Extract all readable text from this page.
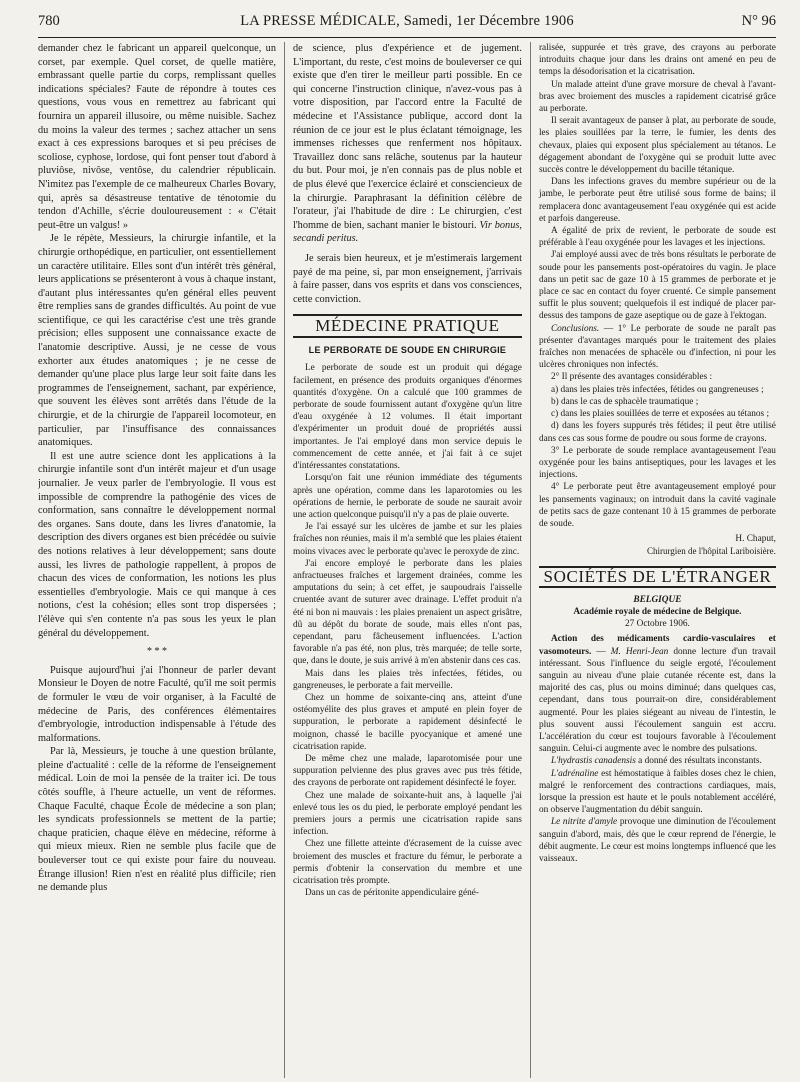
780	LA PRESSE MÉDICALE, Samedi, 1er Décembre 1906	N° 96

demander chez le fabricant un appareil quelconque, un corset, par exemple. Quel corset, de quelle matière, embrassant quelle partie du corps, remplissant quelles indications spéciales? Faute de répondre à toutes ces questions, vous vous en remettrez au fabricant qui fournira un appareil illusoire, ou même nuisible. Sachez du moins la valeur des termes ; sachez attacher un sens exact à ces expressions baroques et si peu précises de scoliose, cyphose, lordose, qui font penser tout d'abord à pluviôse, nivôse, ventôse, du calendrier républicain. N'imitez pas l'exemple de ce malheureux Charles Bovary, qui, après sa désastreuse tentative de ténotomie du tendon d'Achille, s'écrie douloureusement : « C'était peut-être un valgus! »

Je le répète, Messieurs, la chirurgie infantile, et la chirurgie orthopédique, en particulier, ont essentiellement un caractère utilitaire. Elles sont d'un intérêt très général, leurs applications se présenteront à vous à chaque instant, d'autant plus intéressantes qu'en général elles peuvent être remplies sans de grandes difficultés. Au point de vue scientifique, ce qui les caractérise c'est une très grande précision; elles supposent une connaissance exacte de l'anatomie descriptive. Aussi, je ne cesse de vous exhorter aux études anatomiques ; je ne cesse de demander qu'une place plus large leur soit faite dans les programmes de l'enseignement, sachant, par expérience, que souvent les élèves sont arrêtés dans l'étude de la chirurgie, et de la chirurgie de l'appareil locomoteur, en particulier, par l'insuffisance des connaissances anatomiques.

Il est une autre science dont les applications à la chirurgie infantile sont d'un intérêt majeur et d'un usage journalier. Je veux parler de l'embryologie. Il vous est impossible de comprendre la pathogénie des vices de conformation, sans connaître le développement normal des organes. Sans doute, dans les livres d'anatomie, la description des divers organes est bien précédée ou suivie des notions relatives à leur développement; sans doute aussi, les livres de pathologie rappellent, à propos de chacun des vices de conformation, les notions les plus essentielles d'embryologie. Mais ce qui manque à ces notions, c'est la cohésion; elles sont trop dispersées ; l'élève qui s'en contente n'a pas sous les yeux le plan général du développement.

* * *

Puisque aujourd'hui j'ai l'honneur de parler devant Monsieur le Doyen de notre Faculté, qu'il me soit permis de formuler le vœu de voir organiser, à la Faculté de médecine de Paris, des conférences élémentaires d'embryologie, introduction indispensable à l'étude des malformations.

Par là, Messieurs, je touche à une question brûlante, pleine d'actualité : celle de la réforme de l'enseignement médical. Loin de moi la pensée de la traiter ici. De tous côtés souffle, à l'heure actuelle, un vent de réformes. Chaque Faculté, chaque École de médecine a son plan; les syndicats professionnels se mettent de la partie; chaque praticien, chaque élève en médecine, réforme à qui mieux mieux. Rien ne semble plus facile que de bouleverser tout ce qui existe pour faire du nouveau. Étrange illusion! Rien n'est en réalité plus difficile; rien ne demande plus

de science, plus d'expérience et de jugement. L'important, du reste, c'est moins de bouleverser ce qui existe que d'en tirer le meilleur parti possible. En ce qui concerne l'instruction clinique, n'avez-vous pas à votre disposition, par l'accord entre la Faculté de médecine et l'Assistance publique, accord dont la réunion de ce jour est le plus éclatant témoignage, les immenses richesses que renferment nos hôpitaux. Travaillez donc sans relâche, soutenus par la hauteur du but. Pour moi, je n'en connais pas de plus noble et de plus élevé que l'exercice éclairé et consciencieux de la chirurgie. Paraphrasant la définition célèbre de l'orateur, j'ai l'habitude de dire : Le chirurgien, c'est l'homme de bien, sachant manier le bistouri. Vir bonus, secandi peritus.

Je serais bien heureux, et je m'estimerais largement payé de ma peine, si, par mon enseignement, j'arrivais à faire passer, dans vos esprits et dans vos consciences, cette conviction.

MÉDECINE PRATIQUE
LE PERBORATE DE SOUDE EN CHIRURGIE

Le perborate de soude est un produit qui dégage facilement, en présence des produits organiques d'énormes quantités d'oxygène. On a calculé que 100 grammes de perborate de soude fournissent autant d'oxygène qu'un litre d'eau oxygénée à 12 volumes. Il était important d'expérimenter un produit doué de propriétés aussi importantes. Je l'ai employé dans mon service depuis le commencement de cette année, et j'ai fait à ce sujet d'intéressantes constatations.

Lorsqu'on fait une réunion immédiate des téguments après une opération, comme dans les laparotomies ou les opérations de hernie, le perborate de soude ne saurait avoir une action quelconque puisqu'il n'y a pas de plaie ouverte.

Je l'ai essayé sur les ulcères de jambe et sur les plaies fraîches non réunies, mais il m'a semblé que les plaies étaient moins vivaces avec le perborate qu'avec le peroxyde de zinc.

J'ai encore employé le perborate dans les plaies anfractueuses fraîches et largement drainées, comme les amputations du sein; à cet effet, je saupoudrais l'aisselle cruentée avant de suturer avec drainage. L'effet produit n'a été ni bon ni mauvais : les plaies prenaient un aspect grisâtre, dû au dépôt du borate de soude, mais elles n'ont pas, cependant, paru fâcheusement influencées. L'action favorable n'a pas été, non plus, très marquée; de telle sorte, que, dans le doute, je suis arrivé à m'en abstenir dans ces cas.

Mais dans les plaies très infectées, fétides, ou gangreneuses, le perborate a fait merveille.

Chez un homme de soixante-cinq ans, atteint d'une ostéomyélite des plus graves et amputé en plein foyer de suppuration, le perborate a rapidement désinfecté le moignon, chassé le bacille pyocyanique et amené une cicatrisation rapide.

De même chez une malade, laparotomisée pour une suppuration pelvienne des plus graves avec pus très fétide, des crayons de perborate ont rapidement désinfecté le foyer.

Chez une malade de soixante-huit ans, à laquelle j'ai enlevé tous les os du pied, le perborate employé pendant les premiers jours a permis une cicatrisation rapide sans infection.

Chez une fillette atteinte d'écrasement de la cuisse avec broiement des muscles et fracture du fémur, le perborate a permis d'obtenir la conservation du membre et une cicatrisation très prompte.

Dans un cas de péritonite appendiculaire géné-

ralisée, suppurée et très grave, des crayons au perborate introduits chaque jour dans les drains ont amené en peu de temps la désodorisation et la cicatrisation.

Un malade atteint d'une grave morsure de cheval à l'avant-bras avec broiement des muscles a rapidement cicatrisé grâce au perborate.

Il serait avantageux de panser à plat, au perborate de soude, les plaies souillées par la terre, le fumier, les dents des chevaux, plaies qui exposent plus spécialement au tétanos. Le dégagement abondant de l'oxygène qui se produit lutte avec succès contre le développement du bacille tétanique.

Dans les infections graves du membre supérieur ou de la jambe, le perborate peut être utilisé sous forme de bains; il remplacera donc avantageusement l'eau oxygénée qui est acide et parfois dangereuse.

A égalité de prix de revient, le perborate de soude est préférable à l'eau oxygénée pour les lavages et les injections.

J'ai employé aussi avec de très bons résultats le perborate de soude pour les pansements post-opératoires du vagin. Je place dans un petit sac de gaze 10 à 15 grammes de perborate et je place ce sac en contact du foyer cruenté. Ce simple pansement suffit le plus souvent; quelquefois il est indiqué de placer par-dessus des tampons de gaze aseptique ou de gaze à l'ektogan.

Conclusions. — 1° Le perborate de soude ne paraît pas présenter d'avantages marqués pour le traitement des plaies fraîches non menacées de sphacèle ou d'infection, ni pour les ulcères chroniques non infectés.

2° Il présente des avantages considérables :

a) dans les plaies très infectées, fétides ou gangreneuses ;

b) dans le cas de sphacèle traumatique ;

c) dans les plaies souillées de terre et exposées au tétanos ;

d) dans les foyers suppurés très fétides; il peut être utilisé dans ces cas sous forme de poudre ou sous forme de crayons.

3° Le perborate de soude remplace avantageusement l'eau oxygénée pour les bains antiseptiques, pour les lavages et les injections.

4° Le perborate peut être avantageusement employé pour les pansements vaginaux; on introduit dans la cavité vaginale de petits sacs de gaze contenant 10 à 15 grammes de perborate de soude.

H. Chaput,
Chirurgien de l'hôpital Lariboisière.
SOCIÉTÉS DE L'ÉTRANGER
BELGIQUE
Académie royale de médecine de Belgique.
27 Octobre 1906.

Action des médicaments cardio-vasculaires et vasomoteurs. — M. Henri-Jean donne lecture d'un travail intéressant. Sous l'influence du seigle ergoté, l'écoulement sanguin au niveau d'une plaie cutanée récente est, dans la majorité des cas, plus ou moins diminué; dans quelques cas, cependant, dans tous pourrait-on dire, considérablement augmenté. Pour les plaies siégeant au niveau de l'intestin, le plus souvent aussi l'écoulement sanguin est accru. L'accélération du cœur est toujours favorable à l'écoulement sanguin. Celui-ci augmente avec le nombre des pulsations.

L'hydrastis canadensis a donné des résultats inconstants.

L'adrénaline est hémostatique à faibles doses chez le chien, malgré le renforcement des contractions cardiaques, mais, lorsque la pression est haute et le pouls notablement accéléré, on observe l'augmentation du débit sanguin.

Le nitrite d'amyle provoque une diminution de l'écoulement sanguin d'abord, mais, dès que le cœur reprend de l'énergie, le débit augmente. Le cœur est moins longtemps influencé que les vaisseaux.
